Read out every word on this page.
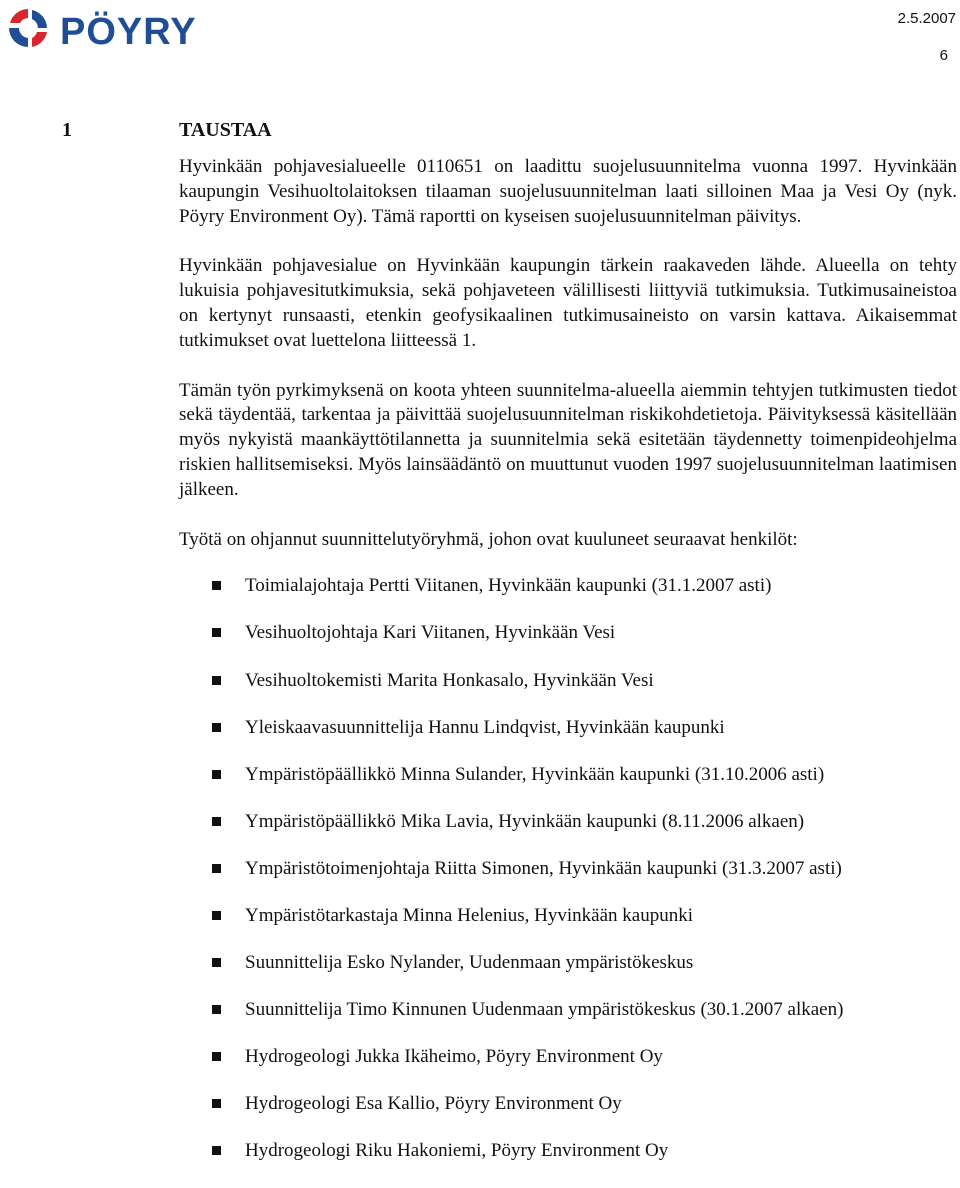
PÖYRY	2.5.2007
6
1	TAUSTAA

Hyvinkään pohjavesialueelle 0110651 on laadittu suojelusuunnitelma vuonna 1997. Hyvinkään kaupungin Vesihuoltolaitoksen tilaaman suojelusuunnitelman laati silloinen Maa ja Vesi Oy (nyk. Pöyry Environment Oy). Tämä raportti on kyseisen suojelusuunnitelman päivitys.

Hyvinkään pohjavesialue on Hyvinkään kaupungin tärkein raakaveden lähde. Alueella on tehty lukuisia pohjavesitutkimuksia, sekä pohjaveteen välillisesti liittyviä tutkimuksia. Tutkimusaineistoa on kertynyt runsaasti, etenkin geofysikaalinen tutkimusaineisto on varsin kattava. Aikaisemmat tutkimukset ovat luettelona liitteessä 1.

Tämän työn pyrkimyksenä on koota yhteen suunnitelma-alueella aiemmin tehtyjen tutkimusten tiedot sekä täydentää, tarkentaa ja päivittää suojelusuunnitelman riskikohdetietoja. Päivityksessä käsitellään myös nykyistä maankäyttötilannetta ja suunnitelmia sekä esitetään täydennetty toimenpideohjelma riskien hallitsemiseksi. Myös lainsäädäntö on muuttunut vuoden 1997 suojelusuunnitelman laatimisen jälkeen.

Työtä on ohjannut suunnittelutyöryhmä, johon ovat kuuluneet seuraavat henkilöt:

Toimialajohtaja Pertti Viitanen, Hyvinkään kaupunki (31.1.2007 asti)
Vesihuoltojohtaja Kari Viitanen, Hyvinkään Vesi
Vesihuoltokemisti Marita Honkasalo, Hyvinkään Vesi
Yleiskaavasuunnittelija Hannu Lindqvist, Hyvinkään kaupunki
Ympäristöpäällikkö Minna Sulander, Hyvinkään kaupunki (31.10.2006 asti)
Ympäristöpäällikkö Mika Lavia, Hyvinkään kaupunki (8.11.2006 alkaen)
Ympäristötoimenjohtaja Riitta Simonen, Hyvinkään kaupunki (31.3.2007 asti)
Ympäristötarkastaja Minna Helenius, Hyvinkään kaupunki
Suunnittelija Esko Nylander, Uudenmaan ympäristökeskus
Suunnittelija Timo Kinnunen Uudenmaan ympäristökeskus (30.1.2007 alkaen)
Hydrogeologi Jukka Ikäheimo, Pöyry Environment Oy
Hydrogeologi Esa Kallio, Pöyry Environment Oy
Hydrogeologi Riku Hakoniemi, Pöyry Environment Oy
